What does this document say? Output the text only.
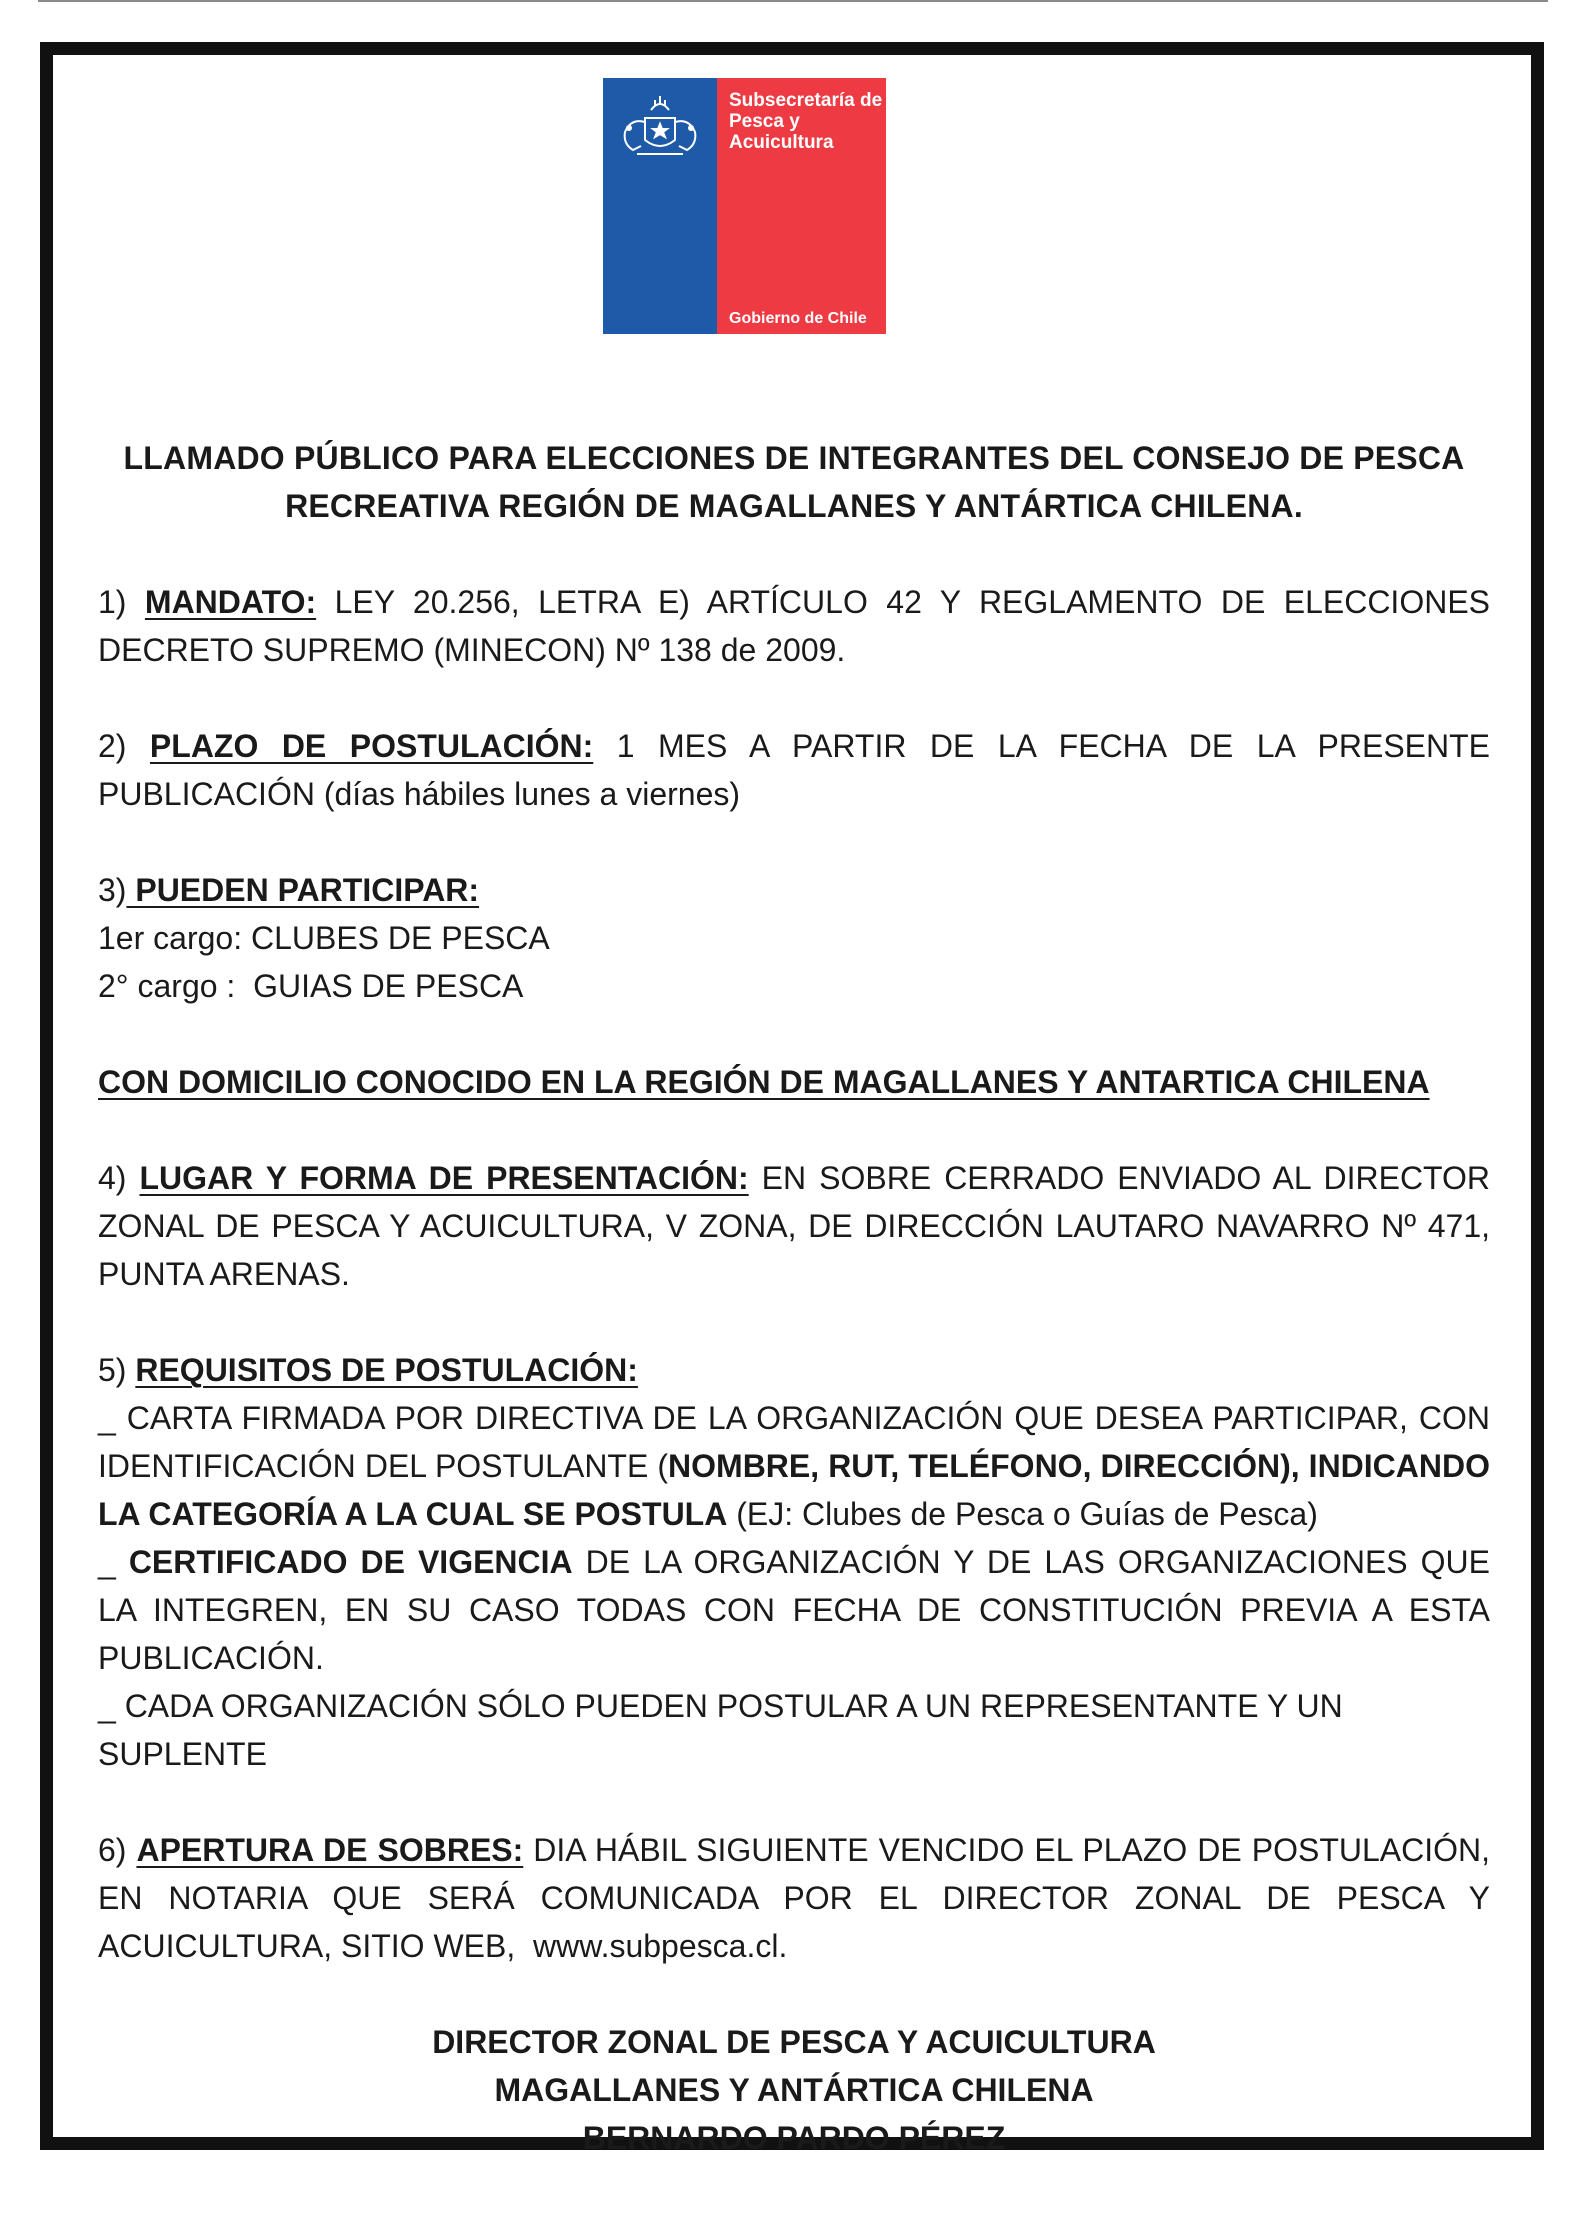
Subsecretaría de Pesca y Acuicultura
Gobierno de Chile

LLAMADO PÚBLICO PARA ELECCIONES DE INTEGRANTES DEL CONSEJO DE PESCA

RECREATIVA REGIÓN DE MAGALLANES Y ANTÁRTICA CHILENA.

1) MANDATO: LEY 20.256, LETRA E) ARTÍCULO 42 Y REGLAMENTO DE ELECCIONES DECRETO SUPREMO (MINECON) Nº 138 de 2009.

2) PLAZO DE POSTULACIÓN: 1 MES A PARTIR DE LA FECHA DE LA PRESENTE PUBLICACIÓN (días hábiles lunes a viernes)

3) PUEDEN PARTICIPAR:

1er cargo: CLUBES DE PESCA

2° cargo :  GUIAS DE PESCA

CON DOMICILIO CONOCIDO EN LA REGIÓN DE MAGALLANES Y ANTARTICA CHILENA

4) LUGAR Y FORMA DE PRESENTACIÓN: EN SOBRE CERRADO ENVIADO AL DIRECTOR ZONAL DE PESCA Y ACUICULTURA, V ZONA, DE DIRECCIÓN LAUTARO NAVARRO Nº 471, PUNTA ARENAS.

5) REQUISITOS DE POSTULACIÓN:

_ CARTA FIRMADA POR DIRECTIVA DE LA ORGANIZACIÓN QUE DESEA PARTICIPAR, CON IDENTIFICACIÓN DEL POSTULANTE (NOMBRE, RUT, TELÉFONO, DIRECCIÓN), INDICANDO LA CATEGORÍA A LA CUAL SE POSTULA (EJ: Clubes de Pesca o Guías de Pesca)

_ CERTIFICADO DE VIGENCIA DE LA ORGANIZACIÓN Y DE LAS ORGANIZACIONES QUE LA INTEGREN, EN SU CASO TODAS CON FECHA DE CONSTITUCIÓN PREVIA A ESTA PUBLICACIÓN.

_ CADA ORGANIZACIÓN SÓLO PUEDEN POSTULAR A UN REPRESENTANTE Y UN SUPLENTE

6) APERTURA DE SOBRES: DIA HÁBIL SIGUIENTE VENCIDO EL PLAZO DE POSTULACIÓN, EN NOTARIA QUE SERÁ COMUNICADA POR EL DIRECTOR ZONAL DE PESCA Y ACUICULTURA, SITIO WEB,  www.subpesca.cl.

DIRECTOR ZONAL DE PESCA Y ACUICULTURA

MAGALLANES Y ANTÁRTICA CHILENA

BERNARDO PARDO PÉREZ
